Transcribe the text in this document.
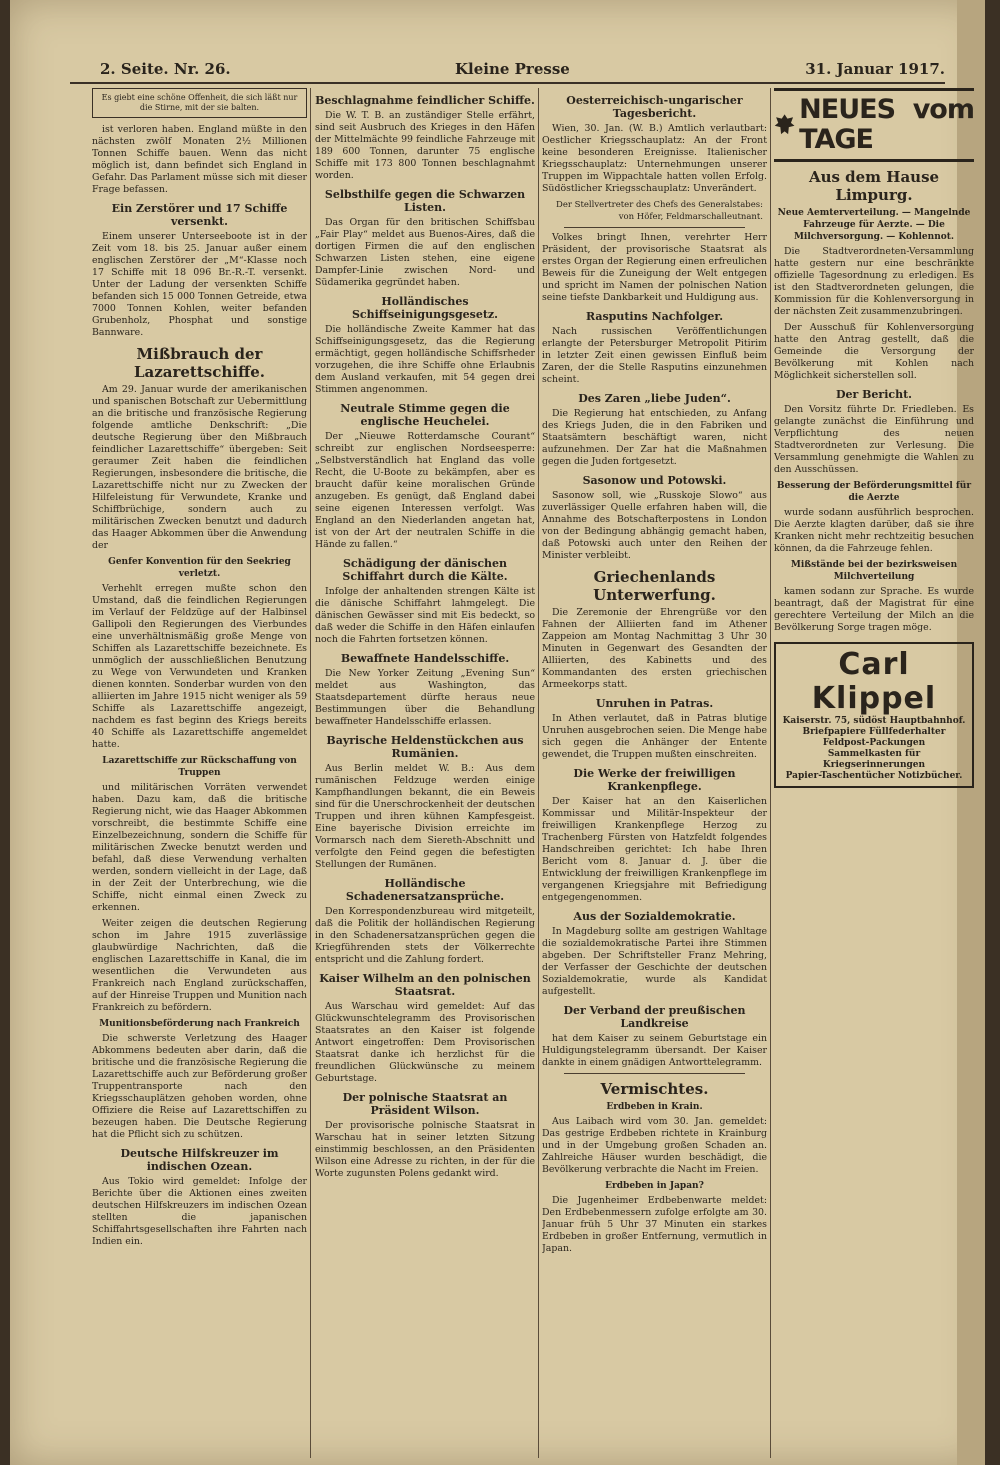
2. Seite. Nr. 26.	Kleine Presse	31. Januar 1917.
Es giebt eine schöne Offenheit, die sich läßt nur die Stirne, mit der sie balten.

ist verloren haben. England müßte in den nächsten zwölf Monaten 2½ Millionen Tonnen Schiffe bauen. Wenn das nicht möglich ist, dann befindet sich England in Gefahr. Das Parlament müsse sich mit dieser Frage befassen.

Ein Zerstörer und 17 Schiffe versenkt.

Einem unserer Unterseeboote ist in der Zeit vom 18. bis 25. Januar außer einem englischen Zerstörer der „M“-Klasse noch 17 Schiffe mit 18 096 Br.-R.-T. versenkt. Unter der Ladung der versenkten Schiffe befanden sich 15 000 Tonnen Getreide, etwa 7000 Tonnen Kohlen, weiter befanden Grubenholz, Phosphat und sonstige Bannware.

Mißbrauch der Lazarettschiffe.

Am 29. Januar wurde der amerikanischen und spanischen Botschaft zur Uebermittlung an die britische und französische Regierung folgende amtliche Denkschrift: „Die deutsche Regierung über den Mißbrauch feindlicher Lazarettschiffe“ übergeben: Seit geraumer Zeit haben die feindlichen Regierungen, insbesondere die britische, die Lazarettschiffe nicht nur zu Zwecken der Hilfeleistung für Verwundete, Kranke und Schiffbrüchige, sondern auch zu militärischen Zwecken benutzt und dadurch das Haager Abkommen über die Anwendung der

Genfer Konvention für den Seekrieg verletzt.

Verhehlt erregen mußte schon den Umstand, daß die feindlichen Regierungen im Verlauf der Feldzüge auf der Halbinsel Gallipoli den Regierungen des Vierbundes eine unverhältnismäßig große Menge von Schiffen als Lazarettschiffe bezeichnete. Es unmöglich der ausschließlichen Benutzung zu Wege von Verwundeten und Kranken dienen konnten. Sonderbar wurden von den alliierten im Jahre 1915 nicht weniger als 59 Schiffe als Lazarettschiffe angezeigt, nachdem es fast beginn des Kriegs bereits 40 Schiffe als Lazarettschiffe angemeldet hatte.

Lazarettschiffe zur Rückschaffung von Truppen

und militärischen Vorräten verwendet haben. Dazu kam, daß die britische Regierung nicht, wie das Haager Abkommen vorschreibt, die bestimmte Schiffe eine Einzelbezeichnung, sondern die Schiffe für militärischen Zwecke benutzt werden und befahl, daß diese Verwendung verhalten werden, sondern vielleicht in der Lage, daß in der Zeit der Unterbrechung, wie die Schiffe, nicht einmal einen Zweck zu erkennen.

Weiter zeigen die deutschen Regierung schon im Jahre 1915 zuverlässige glaubwürdige Nachrichten, daß die englischen Lazarettschiffe in Kanal, die im wesentlichen die Verwundeten aus Frankreich nach England zurückschaffen, auf der Hinreise Truppen und Munition nach Frankreich zu befördern.

Munitionsbeförderung nach Frankreich

Die schwerste Verletzung des Haager Abkommens bedeuten aber darin, daß die britische und die französische Regierung die Lazarettschiffe auch zur Beförderung großer Truppentransporte nach den Kriegsschauplätzen gehoben worden, ohne Offiziere die Reise auf Lazarettschiffen zu bezeugen haben. Die Deutsche Regierung hat die Pflicht sich zu schützen.

Deutsche Hilfskreuzer im indischen Ozean.

Aus Tokio wird gemeldet: Infolge der Berichte über die Aktionen eines zweiten deutschen Hilfskreuzers im indischen Ozean stellten die japanischen Schiffahrtsgesellschaften ihre Fahrten nach Indien ein.

Beschlagnahme feindlicher Schiffe.

Die W. T. B. an zuständiger Stelle erfährt, sind seit Ausbruch des Krieges in den Häfen der Mittelmächte 99 feindliche Fahrzeuge mit 189 600 Tonnen, darunter 75 englische Schiffe mit 173 800 Tonnen beschlagnahmt worden.

Selbsthilfe gegen die Schwarzen Listen.

Das Organ für den britischen Schiffsbau „Fair Play“ meldet aus Buenos-Aires, daß die dortigen Firmen die auf den englischen Schwarzen Listen stehen, eine eigene Dampfer-Linie zwischen Nord- und Südamerika gegründet haben.

Holländisches Schiffseinigungsgesetz.

Die holländische Zweite Kammer hat das Schiffseinigungsgesetz, das die Regierung ermächtigt, gegen holländische Schiffsrheder vorzugehen, die ihre Schiffe ohne Erlaubnis dem Ausland verkaufen, mit 54 gegen drei Stimmen angenommen.

Neutrale Stimme gegen die englische Heuchelei.

Der „Nieuwe Rotterdamsche Courant“ schreibt zur englischen Nordseesperre: „Selbstverständlich hat England das volle Recht, die U-Boote zu bekämpfen, aber es braucht dafür keine moralischen Gründe anzugeben. Es genügt, daß England dabei seine eigenen Interessen verfolgt. Was England an den Niederlanden angetan hat, ist von der Art der neutralen Schiffe in die Hände zu fallen.“

Schädigung der dänischen Schiffahrt durch die Kälte.

Infolge der anhaltenden strengen Kälte ist die dänische Schiffahrt lahmgelegt. Die dänischen Gewässer sind mit Eis bedeckt, so daß weder die Schiffe in den Häfen einlaufen noch die Fahrten fortsetzen können.

Bewaffnete Handelsschiffe.

Die New Yorker Zeitung „Evening Sun“ meldet aus Washington, das Staatsdepartement dürfte heraus neue Bestimmungen über die Behandlung bewaffneter Handelsschiffe erlassen.

Bayrische Heldenstückchen aus Rumänien.

Aus Berlin meldet W. B.: Aus dem rumänischen Feldzuge werden einige Kampfhandlungen bekannt, die ein Beweis sind für die Unerschrockenheit der deutschen Truppen und ihren kühnen Kampfesgeist. Eine bayerische Division erreichte im Vormarsch nach dem Siereth-Abschnitt und verfolgte den Feind gegen die befestigten Stellungen der Rumänen.

Holländische Schadenersatzansprüche.

Den Korrespondenzbureau wird mitgeteilt, daß die Politik der holländischen Regierung in den Schadenersatzansprüchen gegen die Kriegführenden stets der Völkerrechte entspricht und die Zahlung fordert.

Kaiser Wilhelm an den polnischen Staatsrat.

Aus Warschau wird gemeldet: Auf das Glückwunschtelegramm des Provisorischen Staatsrates an den Kaiser ist folgende Antwort eingetroffen: Dem Provisorischen Staatsrat danke ich herzlichst für die freundlichen Glückwünsche zu meinem Geburtstage.

Der polnische Staatsrat an Präsident Wilson.

Der provisorische polnische Staatsrat in Warschau hat in seiner letzten Sitzung einstimmig beschlossen, an den Präsidenten Wilson eine Adresse zu richten, in der für die Worte zugunsten Polens gedankt wird.

Oesterreichisch-ungarischer Tagesbericht.

Wien, 30. Jan. (W. B.) Amtlich verlautbart: Oestlicher Kriegsschauplatz: An der Front keine besonderen Ereignisse. Italienischer Kriegsschauplatz: Unternehmungen unserer Truppen im Wippachtale hatten vollen Erfolg. Südöstlicher Kriegsschauplatz: Unverändert.

Der Stellvertreter des Chefs des Generalstabes: von Höfer, Feldmarschalleutnant.

Volkes bringt Ihnen, verehrter Herr Präsident, der provisorische Staatsrat als erstes Organ der Regierung einen erfreulichen Beweis für die Zuneigung der Welt entgegen und spricht im Namen der polnischen Nation seine tiefste Dankbarkeit und Huldigung aus.

Rasputins Nachfolger.

Nach russischen Veröffentlichungen erlangte der Petersburger Metropolit Pitirim in letzter Zeit einen gewissen Einfluß beim Zaren, der die Stelle Rasputins einzunehmen scheint.

Des Zaren „liebe Juden“.

Die Regierung hat entschieden, zu Anfang des Kriegs Juden, die in den Fabriken und Staatsämtern beschäftigt waren, nicht aufzunehmen. Der Zar hat die Maßnahmen gegen die Juden fortgesetzt.

Sasonow und Potowski.

Sasonow soll, wie „Russkoje Slowo“ aus zuverlässiger Quelle erfahren haben will, die Annahme des Botschafterpostens in London von der Bedingung abhängig gemacht haben, daß Potowski auch unter den Reihen der Minister verbleibt.

Griechenlands Unterwerfung.

Die Zeremonie der Ehrengrüße vor den Fahnen der Alliierten fand im Athener Zappeion am Montag Nachmittag 3 Uhr 30 Minuten in Gegenwart des Gesandten der Alliierten, des Kabinetts und des Kommandanten des ersten griechischen Armeekorps statt.

Unruhen in Patras.

In Athen verlautet, daß in Patras blutige Unruhen ausgebrochen seien. Die Menge habe sich gegen die Anhänger der Entente gewendet, die Truppen mußten einschreiten.

Die Werke der freiwilligen Krankenpflege.

Der Kaiser hat an den Kaiserlichen Kommissar und Militär-Inspekteur der freiwilligen Krankenpflege Herzog zu Trachenberg Fürsten von Hatzfeldt folgendes Handschreiben gerichtet: Ich habe Ihren Bericht vom 8. Januar d. J. über die Entwicklung der freiwilligen Krankenpflege im vergangenen Kriegsjahre mit Befriedigung entgegengenommen.

Aus der Sozialdemokratie.

In Magdeburg sollte am gestrigen Wahltage die sozialdemokratische Partei ihre Stimmen abgeben. Der Schriftsteller Franz Mehring, der Verfasser der Geschichte der deutschen Sozialdemokratie, wurde als Kandidat aufgestellt.

Der Verband der preußischen Landkreise

hat dem Kaiser zu seinem Geburtstage ein Huldigungstelegramm übersandt. Der Kaiser dankte in einem gnädigen Antworttelegramm.

Vermischtes.
Erdbeben in Krain.

Aus Laibach wird vom 30. Jan. gemeldet: Das gestrige Erdbeben richtete in Krainburg und in der Umgebung großen Schaden an. Zahlreiche Häuser wurden beschädigt, die Bevölkerung verbrachte die Nacht im Freien.

Erdbeben in Japan?

Die Jugenheimer Erdbebenwarte meldet: Den Erdbebenmessern zufolge erfolgte am 30. Januar früh 5 Uhr 37 Minuten ein starkes Erdbeben in großer Entfernung, vermutlich in Japan.

NEUES vom TAGE
Aus dem Hause Limpurg.
Neue Aemterverteilung. — Mangelnde Fahrzeuge für Aerzte. — Die Milchversorgung. — Kohlennot.

Die Stadtverordneten-Versammlung hatte gestern nur eine beschränkte offizielle Tagesordnung zu erledigen. Es ist den Stadtverordneten gelungen, die Kommission für die Kohlenversorgung in der nächsten Zeit zusammenzubringen.

Der Ausschuß für Kohlenversorgung hatte den Antrag gestellt, daß die Gemeinde die Versorgung der Bevölkerung mit Kohlen nach Möglichkeit sicherstellen soll.

Der Bericht.

Den Vorsitz führte Dr. Friedleben. Es gelangte zunächst die Einführung und Verpflichtung des neuen Stadtverordneten zur Verlesung. Die Versammlung genehmigte die Wahlen zu den Ausschüssen.

Besserung der Beförderungsmittel für die Aerzte

wurde sodann ausführlich besprochen. Die Aerzte klagten darüber, daß sie ihre Kranken nicht mehr rechtzeitig besuchen können, da die Fahrzeuge fehlen.

Mißstände bei der bezirksweisen Milchverteilung

kamen sodann zur Sprache. Es wurde beantragt, daß der Magistrat für eine gerechtere Verteilung der Milch an die Bevölkerung Sorge tragen möge.

Carl Klippel
Kaiserstr. 75, südöst Hauptbahnhof.
Briefpapiere Füllfederhalter
Feldpost-Packungen
Sammelkasten für Kriegserinnerungen
Papier-Taschentücher Notizbücher.
